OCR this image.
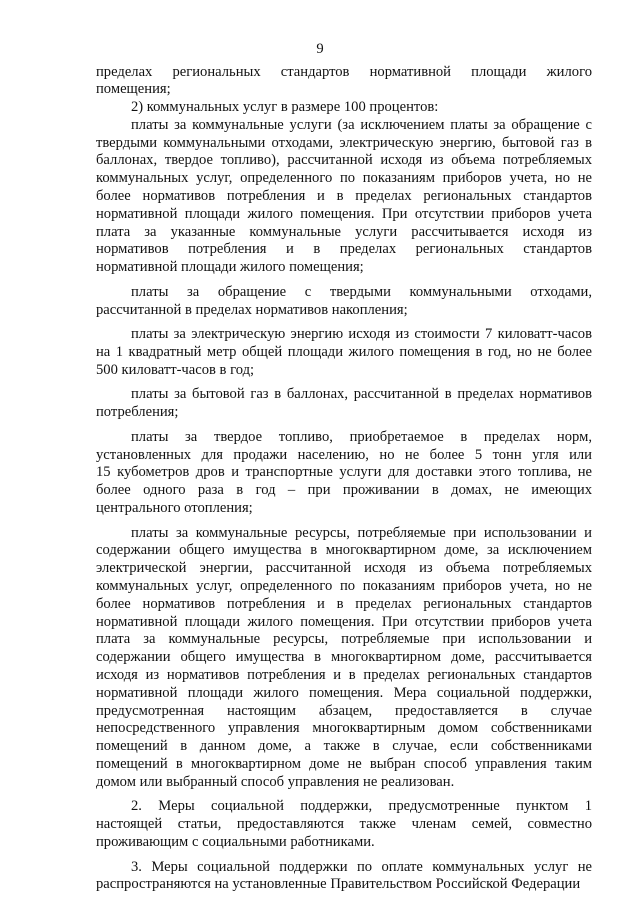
9

пределах региональных стандартов нормативной площади жилого
помещения;

2) коммунальных услуг в размере 100 процентов:

платы за коммунальные услуги (за исключением платы за обращение с
твердыми коммунальными отходами, электрическую энергию, бытовой газ в
баллонах, твердое топливо), рассчитанной исходя из объема потребляемых
коммунальных услуг, определенного по показаниям приборов учета, но не
более нормативов потребления и в пределах региональных стандартов
нормативной площади жилого помещения. При отсутствии приборов учета
плата за указанные коммунальные услуги рассчитывается исходя из
нормативов потребления и в пределах региональных стандартов
нормативной площади жилого помещения;

платы за обращение с твердыми коммунальными отходами,
рассчитанной в пределах нормативов накопления;

платы за электрическую энергию исходя из стоимости 7 киловатт-часов
на 1 квадратный метр общей площади жилого помещения в год, но не более
500 киловатт-часов в год;

платы за бытовой газ в баллонах, рассчитанной в пределах нормативов
потребления;

платы за твердое топливо, приобретаемое в пределах норм,
установленных для продажи населению, но не более 5 тонн угля или
15 кубометров дров и транспортные услуги для доставки этого топлива, не
более одного раза в год – при проживании в домах, не имеющих
центрального отопления;

платы за коммунальные ресурсы, потребляемые при использовании и
содержании общего имущества в многоквартирном доме, за исключением
электрической энергии, рассчитанной исходя из объема потребляемых
коммунальных услуг, определенного по показаниям приборов учета, но не
более нормативов потребления и в пределах региональных стандартов
нормативной площади жилого помещения. При отсутствии приборов учета
плата за коммунальные ресурсы, потребляемые при использовании и
содержании общего имущества в многоквартирном доме, рассчитывается
исходя из нормативов потребления и в пределах региональных стандартов
нормативной площади жилого помещения. Мера социальной поддержки,
предусмотренная настоящим абзацем, предоставляется в случае
непосредственного управления многоквартирным домом собственниками
помещений в данном доме, а также в случае, если собственниками
помещений в многоквартирном доме не выбран способ управления таким
домом или выбранный способ управления не реализован.

2. Меры социальной поддержки, предусмотренные пунктом 1
настоящей статьи, предоставляются также членам семей, совместно
проживающим с социальными работниками.

3. Меры социальной поддержки по оплате коммунальных услуг не
распространяются на установленные Правительством Российской Федерации
